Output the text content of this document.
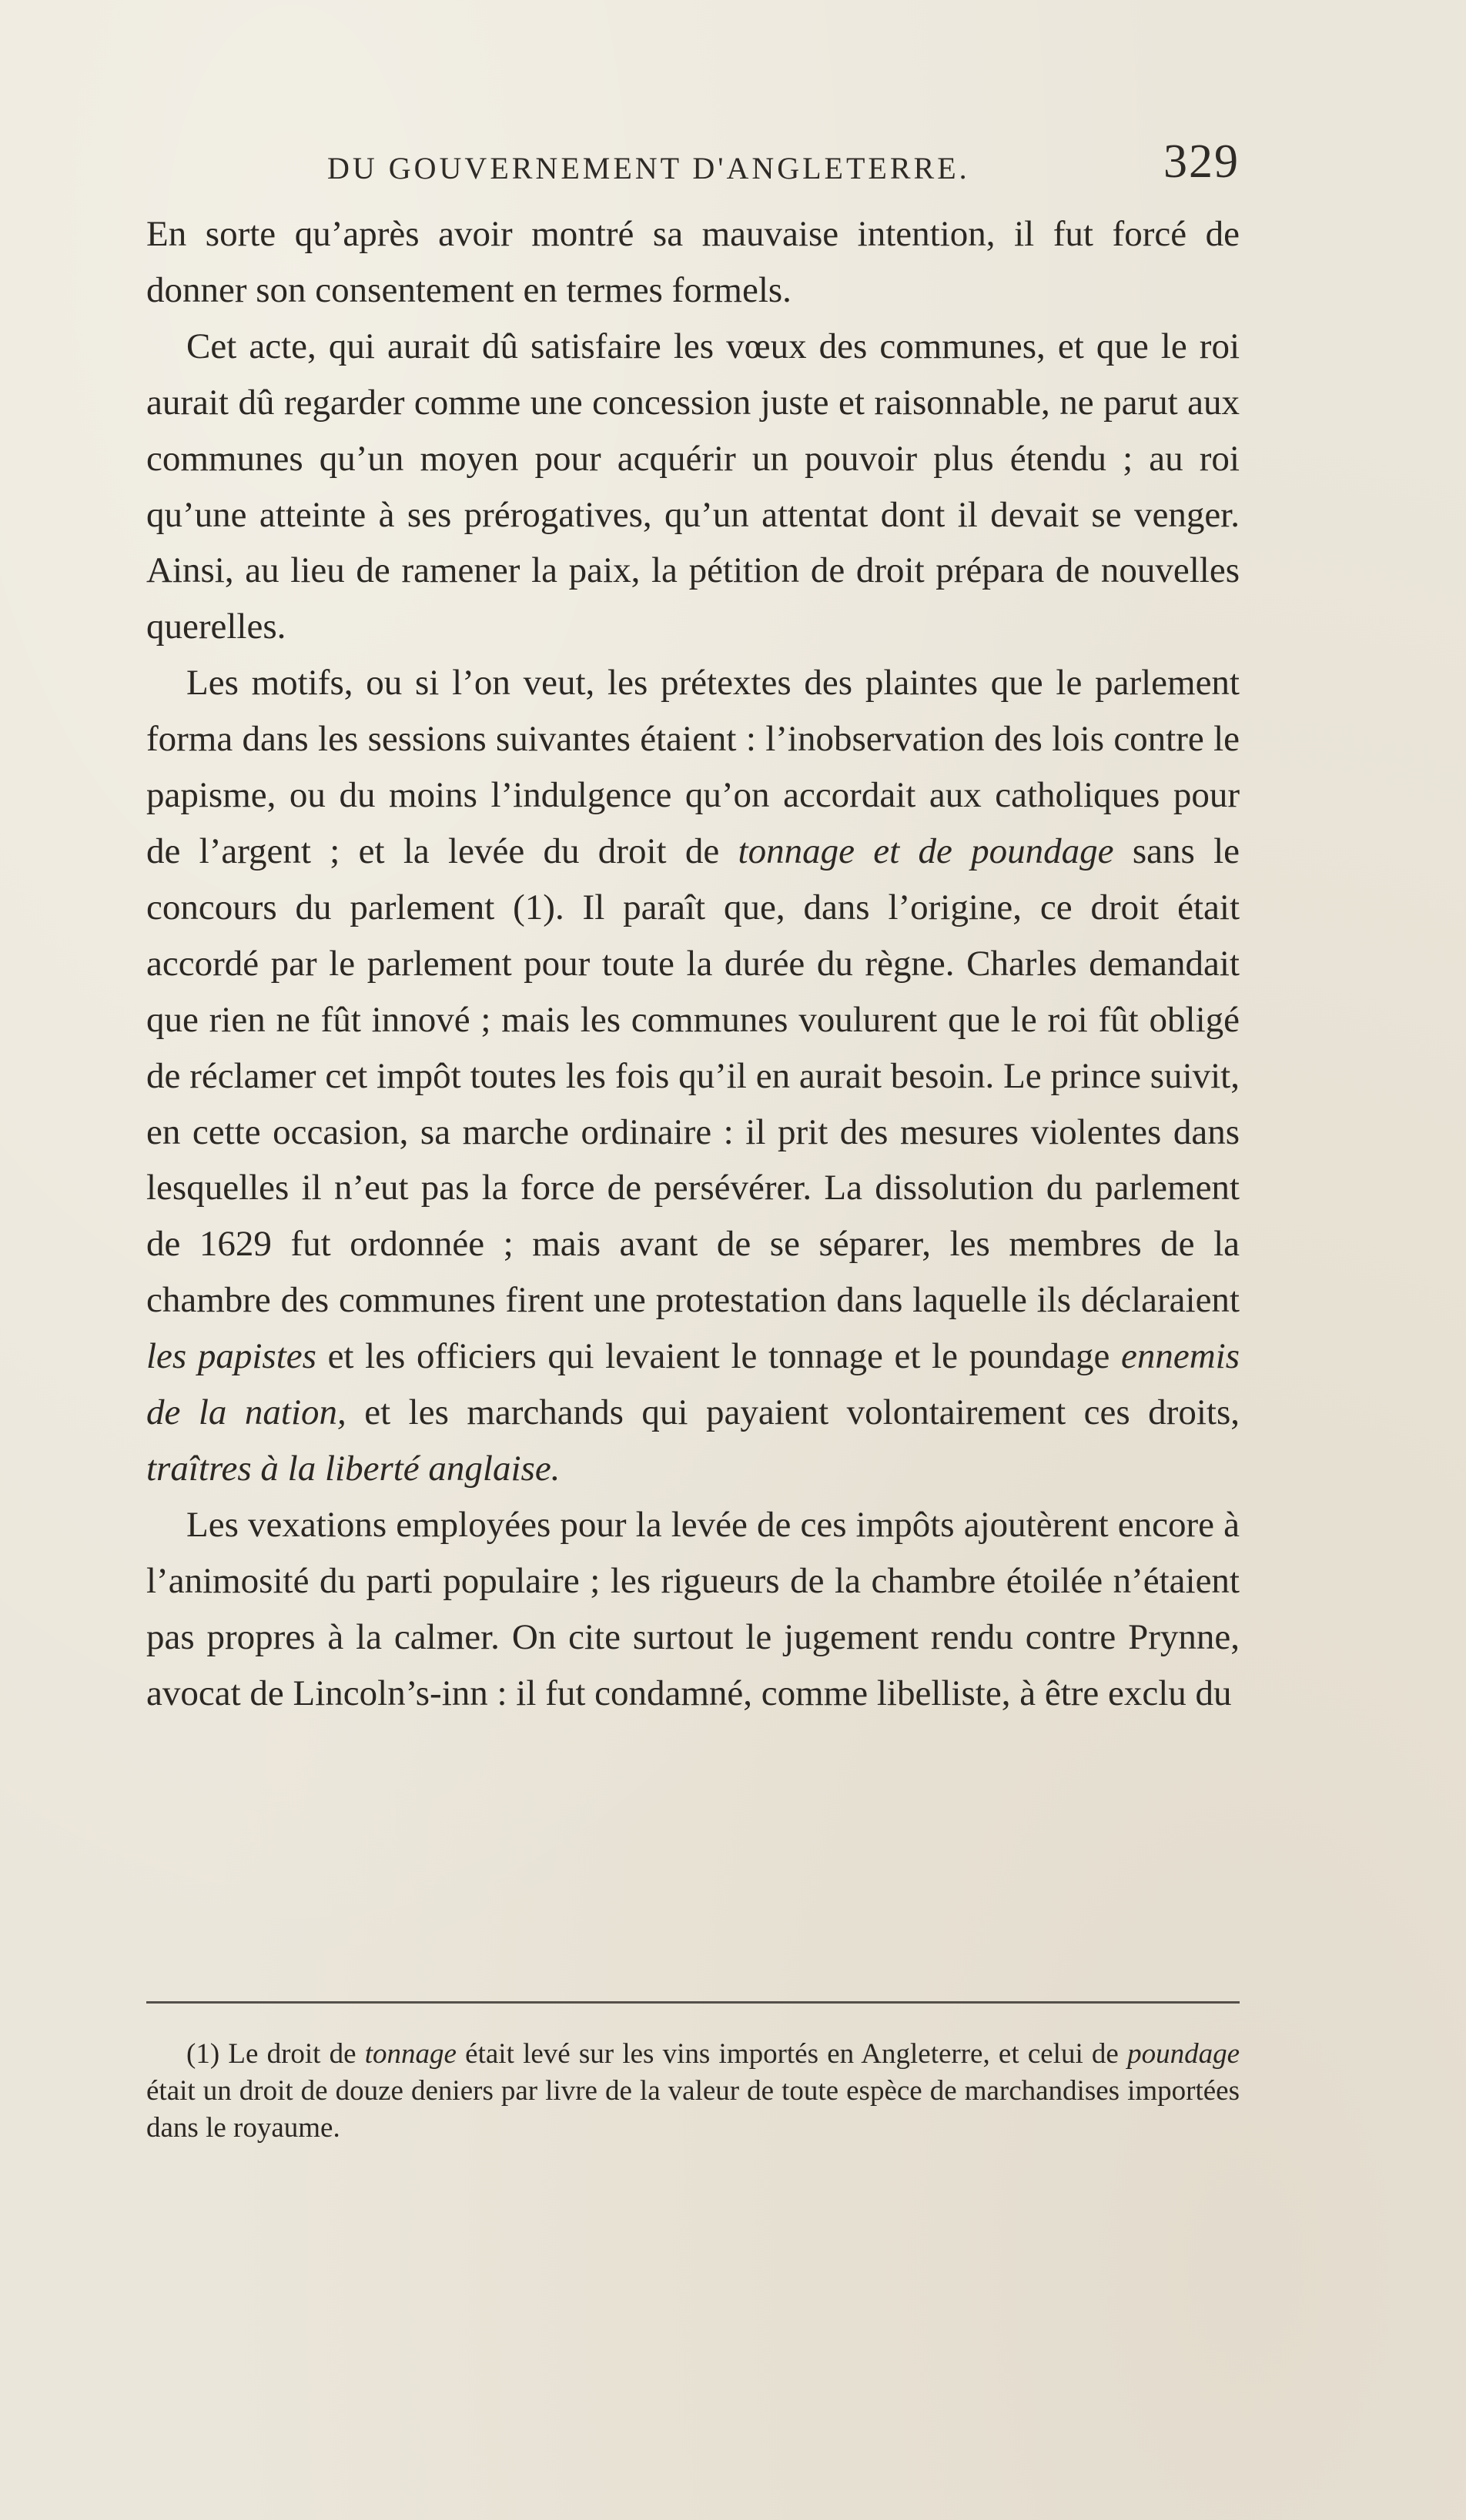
DU GOUVERNEMENT D'ANGLETERRE.	329

En sorte qu’après avoir montré sa mauvaise intention, il fut forcé de donner son consentement en termes formels.

Cet acte, qui aurait dû satisfaire les vœux des communes, et que le roi aurait dû regarder comme une concession juste et raisonnable, ne parut aux communes qu’un moyen pour acquérir un pouvoir plus étendu ; au roi qu’une atteinte à ses prérogatives, qu’un attentat dont il devait se venger. Ainsi, au lieu de ramener la paix, la pétition de droit prépara de nouvelles querelles.

Les motifs, ou si l’on veut, les prétextes des plaintes que le parlement forma dans les sessions suivantes étaient : l’inobservation des lois contre le papisme, ou du moins l’indulgence qu’on accordait aux catholiques pour de l’argent ; et la levée du droit de tonnage et de poundage sans le concours du parlement (1). Il paraît que, dans l’origine, ce droit était accordé par le parlement pour toute la durée du règne. Charles demandait que rien ne fût innové ; mais les communes voulurent que le roi fût obligé de réclamer cet impôt toutes les fois qu’il en aurait besoin. Le prince suivit, en cette occasion, sa marche ordinaire : il prit des mesures violentes dans lesquelles il n’eut pas la force de persévérer. La dissolution du parlement de 1629 fut ordonnée ; mais avant de se séparer, les membres de la chambre des communes firent une protestation dans laquelle ils déclaraient les papistes et les officiers qui levaient le tonnage et le poundage ennemis de la nation, et les marchands qui payaient volontairement ces droits, traîtres à la liberté anglaise.

Les vexations employées pour la levée de ces impôts ajoutèrent encore à l’animosité du parti populaire ; les rigueurs de la chambre étoilée n’étaient pas propres à la calmer. On cite surtout le jugement rendu contre Prynne, avocat de Lincoln’s-inn : il fut condamné, comme libelliste, à être exclu du

(1) Le droit de tonnage était levé sur les vins importés en Angleterre, et celui de poundage était un droit de douze deniers par livre de la valeur de toute espèce de marchandises importées dans le royaume.
